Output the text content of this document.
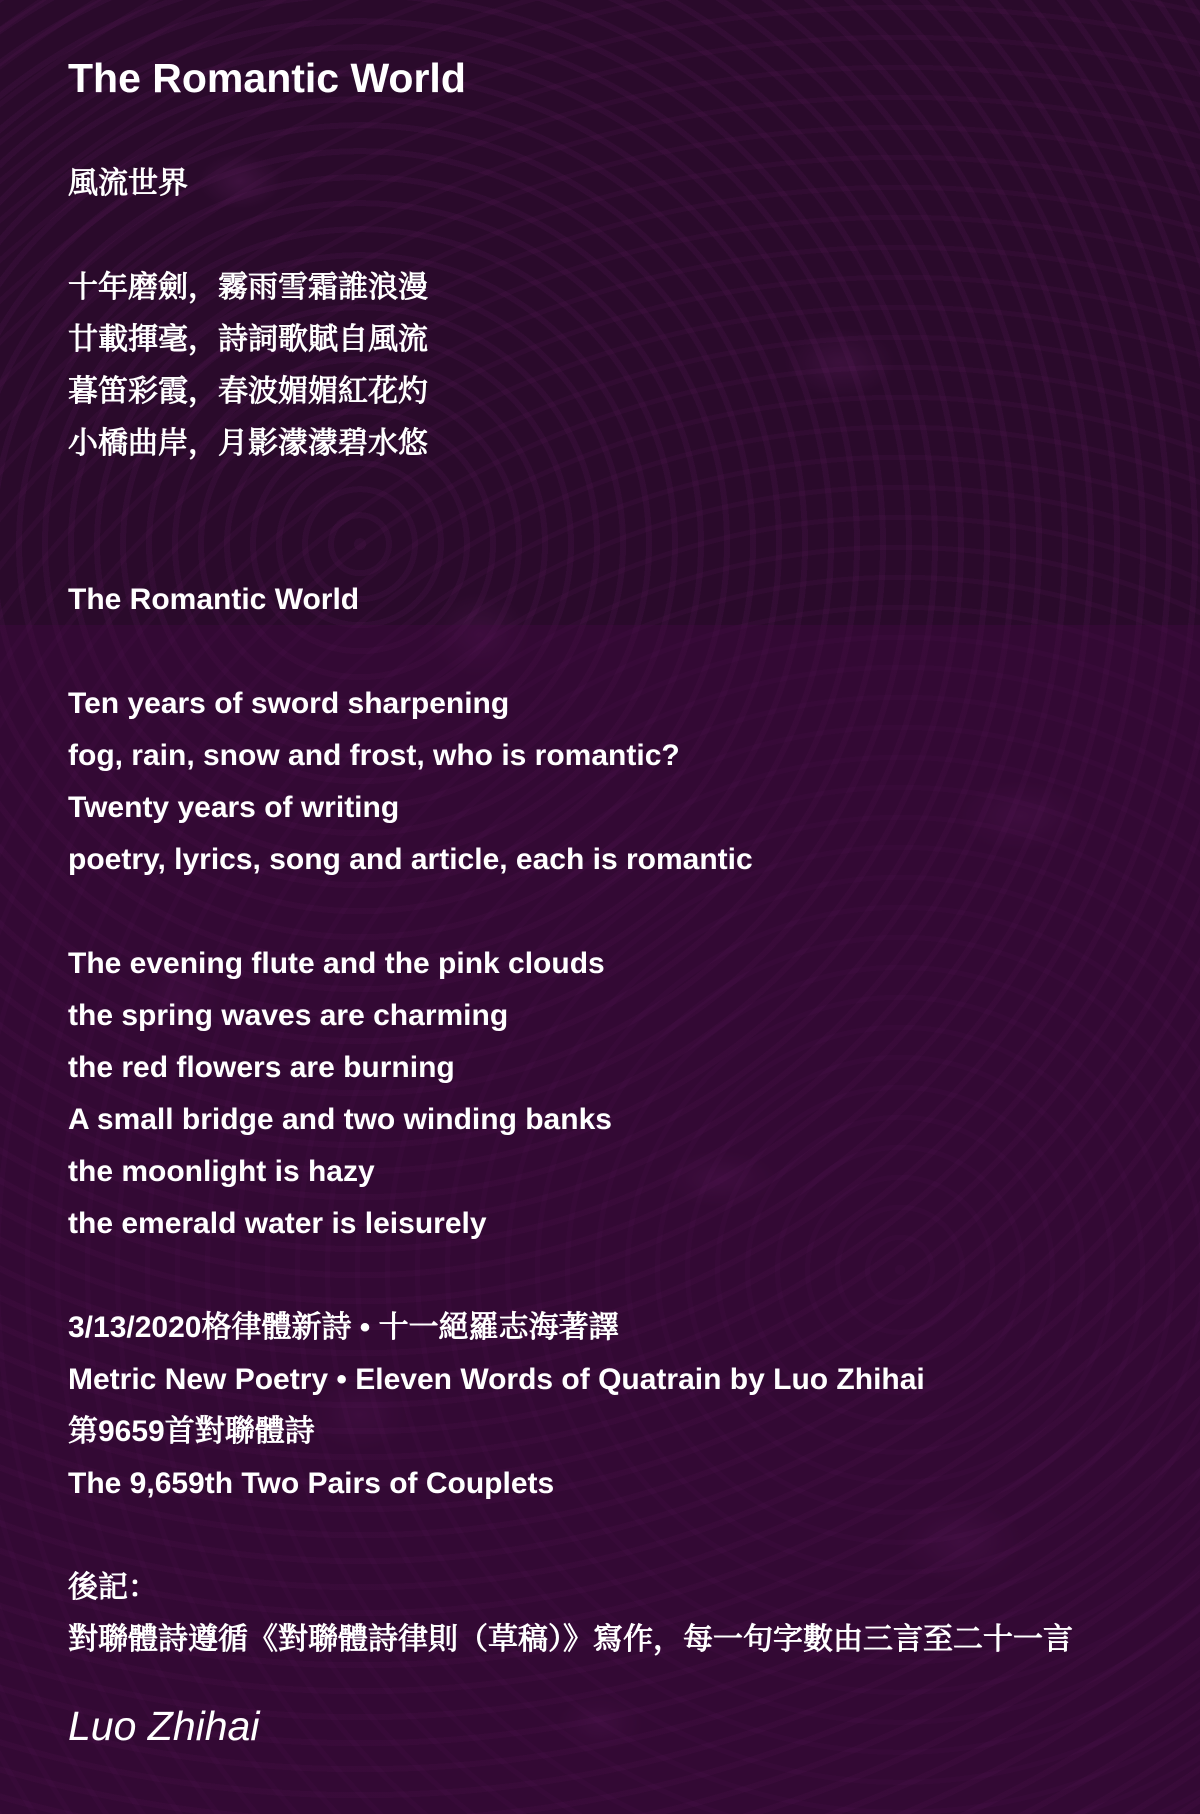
The Romantic World
風流世界
十年磨劍，霧雨雪霜誰浪漫
廿載揮毫，詩詞歌賦自風流
暮笛彩霞，春波媚媚紅花灼
小橋曲岸，月影濛濛碧水悠
The Romantic World
Ten years of sword sharpening
fog, rain, snow and frost, who is romantic?
Twenty years of writing
poetry, lyrics, song and article, each is romantic
The evening flute and the pink clouds
the spring waves are charming
the red flowers are burning
A small bridge and two winding banks
the moonlight is hazy
the emerald water is leisurely
3/13/2020格律體新詩 • 十一絕羅志海著譯
Metric New Poetry • Eleven Words of Quatrain by Luo Zhihai
第9659首對聯體詩
The 9,659th Two Pairs of Couplets
後記：
對聯體詩遵循《對聯體詩律則（草稿）》寫作，每一句字數由三言至二十一言
Luo Zhihai
